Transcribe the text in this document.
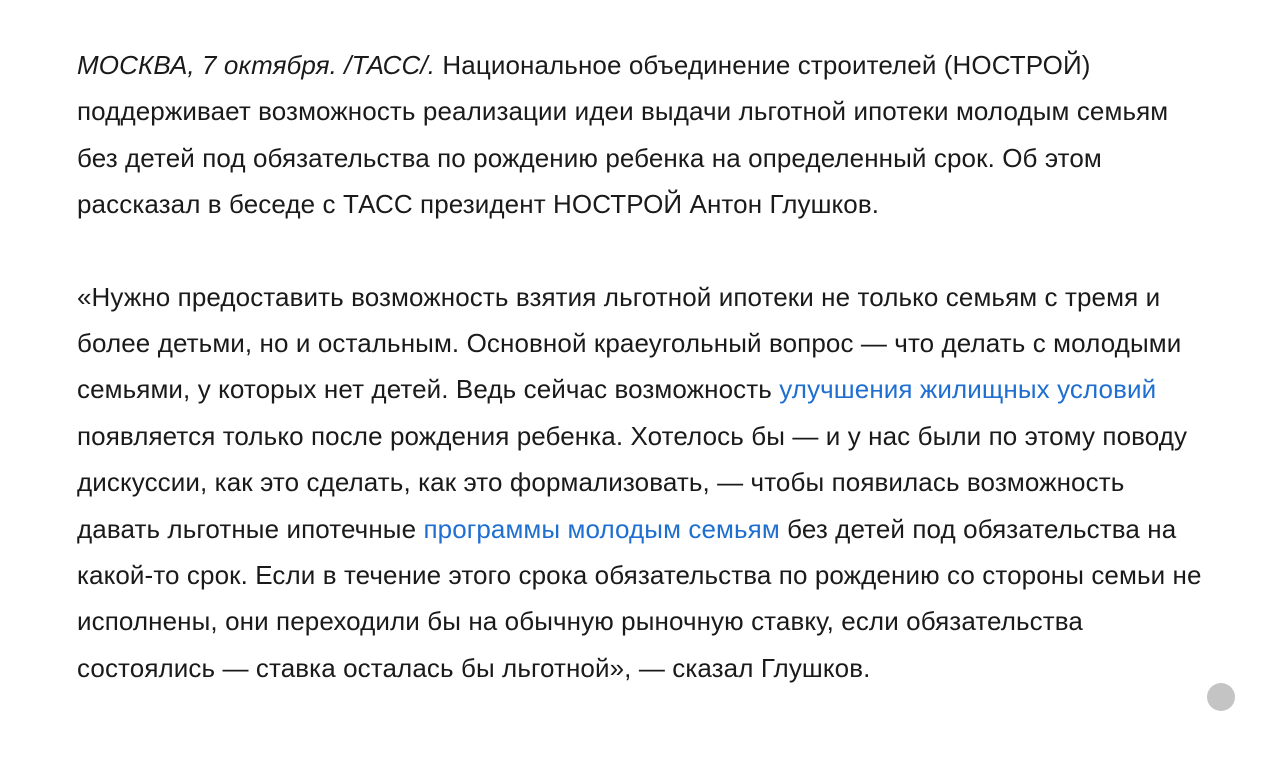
МОСКВА, 7 октября. /ТАСС/. Национальное объединение строителей (НОСТРОЙ) поддерживает возможность реализации идеи выдачи льготной ипотеки молодым семьям без детей под обязательства по рождению ребенка на определенный срок. Об этом рассказал в беседе с ТАСС президент НОСТРОЙ Антон Глушков.

«Нужно предоставить возможность взятия льготной ипотеки не только семьям с тремя и более детьми, но и остальным. Основной краеугольный вопрос — что делать с молодыми семьями, у которых нет детей. Ведь сейчас возможность улучшения жилищных условий появляется только после рождения ребенка. Хотелось бы — и у нас были по этому поводу дискуссии, как это сделать, как это формализовать, — чтобы появилась возможность давать льготные ипотечные программы молодым семьям без детей под обязательства на какой-то срок. Если в течение этого срока обязательства по рождению со стороны семьи не исполнены, они переходили бы на обычную рыночную ставку, если обязательства состоялись — ставка осталась бы льготной», — сказал Глушков.
